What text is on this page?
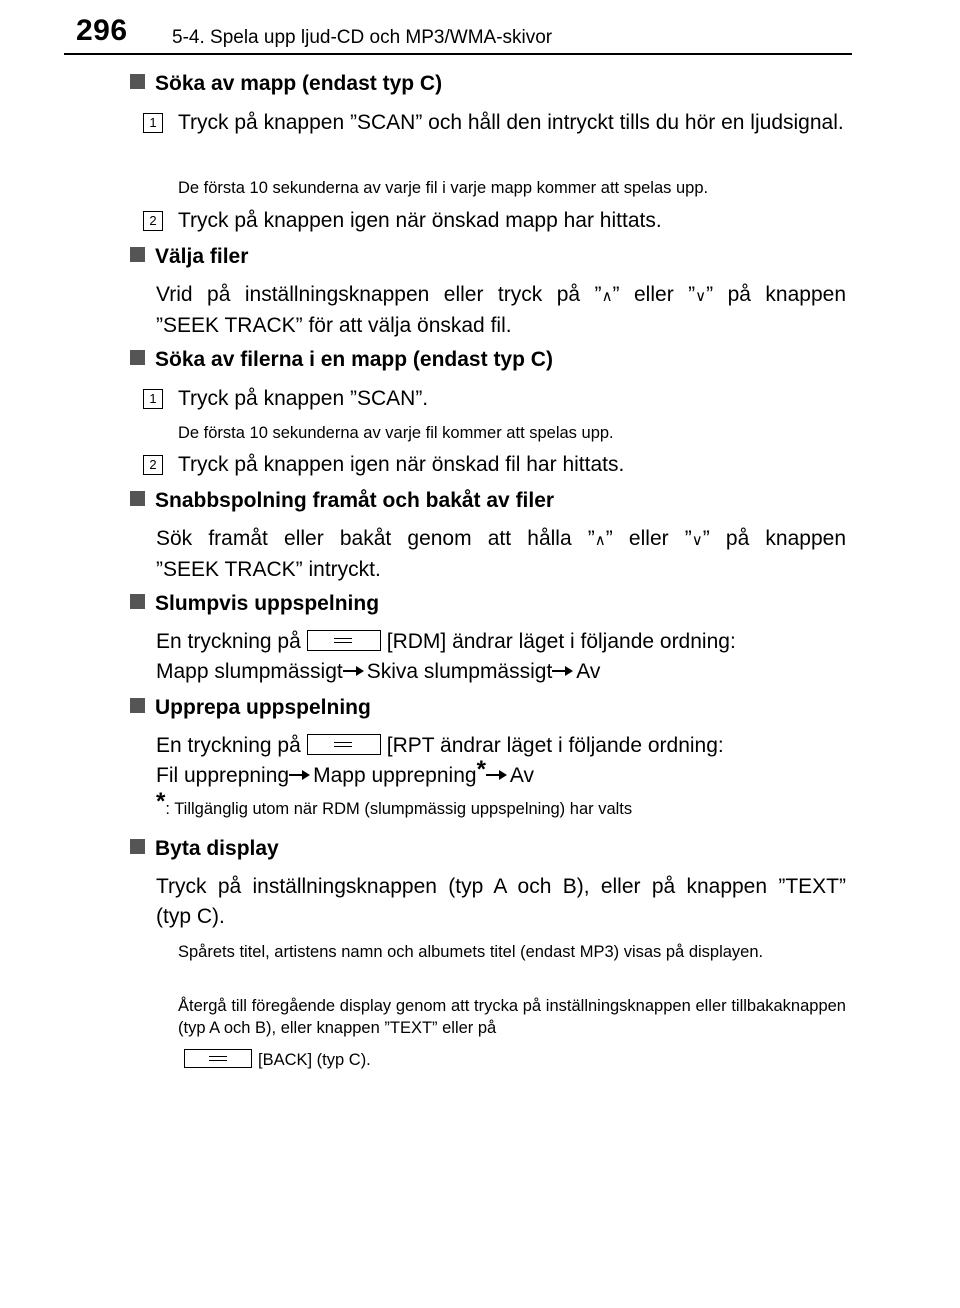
296 5-4. Spela upp ljud-CD och MP3/WMA-skivor
Söka av mapp (endast typ C)
1	Tryck på knappen ”SCAN” och håll den intryckt tills du hör en ljudsignal.
De första 10 sekunderna av varje fil i varje mapp kommer att spelas upp.
2	Tryck på knappen igen när önskad mapp har hittats.
Välja filer
Vrid på inställningsknappen eller tryck på ”∧” eller ”∨” på knappen
”SEEK TRACK” för att välja önskad fil.
Söka av filerna i en mapp (endast typ C)
1	Tryck på knappen ”SCAN”.
De första 10 sekunderna av varje fil kommer att spelas upp.
2	Tryck på knappen igen när önskad fil har hittats.
Snabbspolning framåt och bakåt av filer
Sök framåt eller bakåt genom att hålla ”∧” eller ”∨” på knappen
”SEEK TRACK” intryckt.
Slumpvis uppspelning
En tryckning på	[RDM] ändrar läget i följande ordning:
Mapp slumpmässigt Skiva slumpmässigt Av
Upprepa uppspelning
En tryckning på	[RPT ändrar läget i följande ordning:
Fil upprepning Mapp upprepning* Av
*: Tillgänglig utom när RDM (slumpmässig uppspelning) har valts
Byta display
Tryck på inställningsknappen (typ A och B), eller på knappen ”TEXT”
(typ C).
Spårets titel, artistens namn och albumets titel (endast MP3) visas på displayen.
Återgå till föregående display genom att trycka på inställningsknappen eller tillbakaknappen (typ A och B), eller knappen ”TEXT” eller på
[BACK] (typ C).
